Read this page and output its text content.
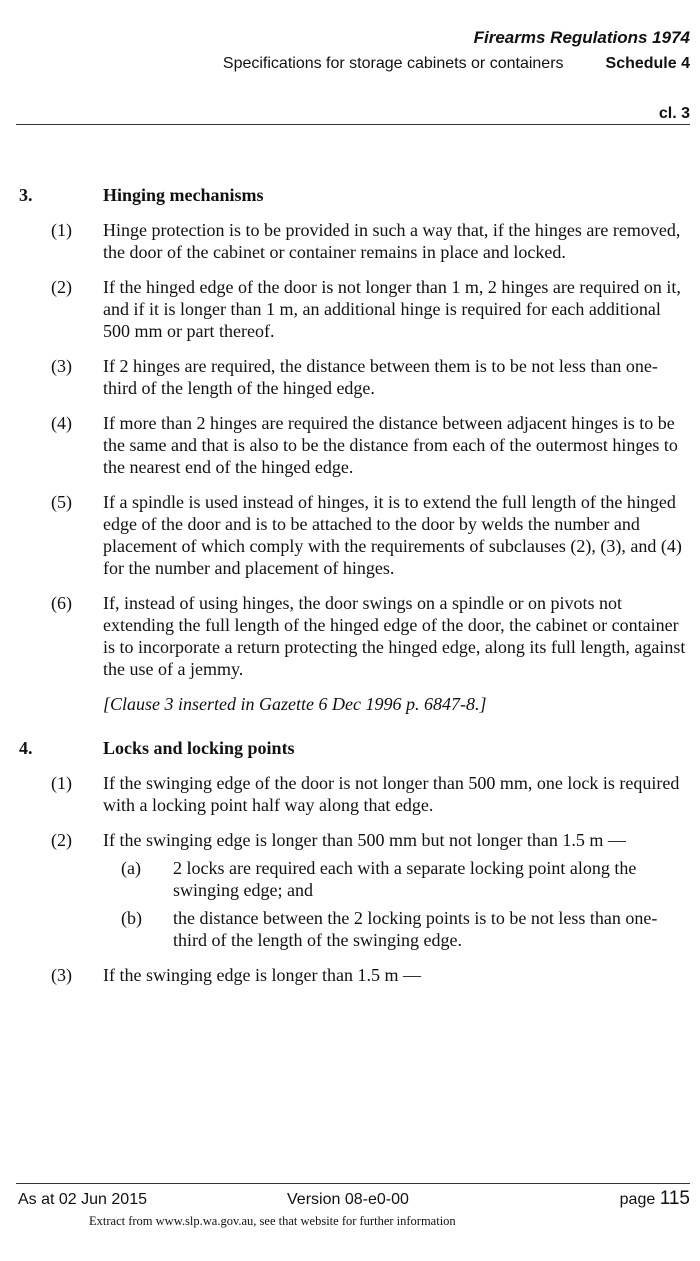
Firearms Regulations 1974
Specifications for storage cabinets or containers	Schedule 4
cl. 3
3.	Hinging mechanisms
(1) Hinge protection is to be provided in such a way that, if the hinges are removed, the door of the cabinet or container remains in place and locked.
(2) If the hinged edge of the door is not longer than 1 m, 2 hinges are required on it, and if it is longer than 1 m, an additional hinge is required for each additional 500 mm or part thereof.
(3) If 2 hinges are required, the distance between them is to be not less than one-third of the length of the hinged edge.
(4) If more than 2 hinges are required the distance between adjacent hinges is to be the same and that is also to be the distance from each of the outermost hinges to the nearest end of the hinged edge.
(5) If a spindle is used instead of hinges, it is to extend the full length of the hinged edge of the door and is to be attached to the door by welds the number and placement of which comply with the requirements of subclauses (2), (3), and (4) for the number and placement of hinges.
(6) If, instead of using hinges, the door swings on a spindle or on pivots not extending the full length of the hinged edge of the door, the cabinet or container is to incorporate a return protecting the hinged edge, along its full length, against the use of a jemmy.
[Clause 3 inserted in Gazette 6 Dec 1996 p. 6847-8.]
4.	Locks and locking points
(1) If the swinging edge of the door is not longer than 500 mm, one lock is required with a locking point half way along that edge.
(2) If the swinging edge is longer than 500 mm but not longer than 1.5 m —
(a) 2 locks are required each with a separate locking point along the swinging edge; and
(b) the distance between the 2 locking points is to be not less than one-third of the length of the swinging edge.
(3) If the swinging edge is longer than 1.5 m —
As at 02 Jun 2015	Version 08-e0-00	page 115
Extract from www.slp.wa.gov.au, see that website for further information
